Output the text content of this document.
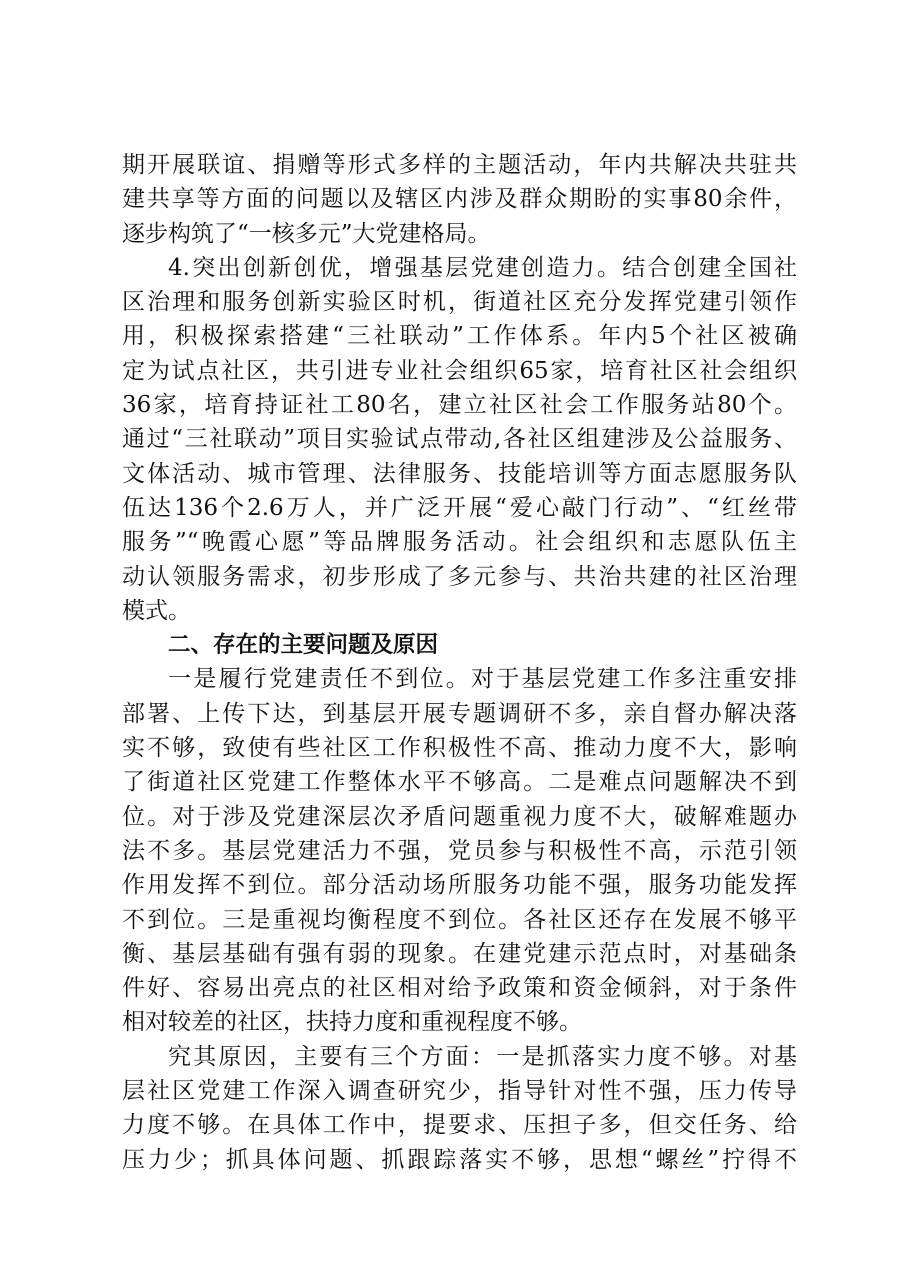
期开展联谊、捐赠等形式多样的主题活动，年内共解决共驻共
建共享等方面的问题以及辖区内涉及群众期盼的实事80余件，
逐步构筑了“一核多元”大党建格局。
4.突出创新创优，增强基层党建创造力。结合创建全国社
区治理和服务创新实验区时机，街道社区充分发挥党建引领作
用，积极探索搭建“三社联动”工作体系。年内5个社区被确
定为试点社区，共引进专业社会组织65家，培育社区社会组织
36家，培育持证社工80名，建立社区社会工作服务站80个。
通过“三社联动”项目实验试点带动,各社区组建涉及公益服务、
文体活动、城市管理、法律服务、技能培训等方面志愿服务队
伍达136个2.6万人，并广泛开展“爱心敲门行动”、“红丝带
服务”“晚霞心愿”等品牌服务活动。社会组织和志愿队伍主
动认领服务需求，初步形成了多元参与、共治共建的社区治理
模式。
二、存在的主要问题及原因
一是履行党建责任不到位。对于基层党建工作多注重安排
部署、上传下达，到基层开展专题调研不多，亲自督办解决落
实不够，致使有些社区工作积极性不高、推动力度不大，影响
了街道社区党建工作整体水平不够高。二是难点问题解决不到
位。对于涉及党建深层次矛盾问题重视力度不大，破解难题办
法不多。基层党建活力不强，党员参与积极性不高，示范引领
作用发挥不到位。部分活动场所服务功能不强，服务功能发挥
不到位。三是重视均衡程度不到位。各社区还存在发展不够平
衡、基层基础有强有弱的现象。在建党建示范点时，对基础条
件好、容易出亮点的社区相对给予政策和资金倾斜，对于条件
相对较差的社区，扶持力度和重视程度不够。
究其原因，主要有三个方面：一是抓落实力度不够。对基
层社区党建工作深入调查研究少，指导针对性不强，压力传导
力度不够。在具体工作中，提要求、压担子多，但交任务、给
压力少；抓具体问题、抓跟踪落实不够，思想“螺丝”拧得不
